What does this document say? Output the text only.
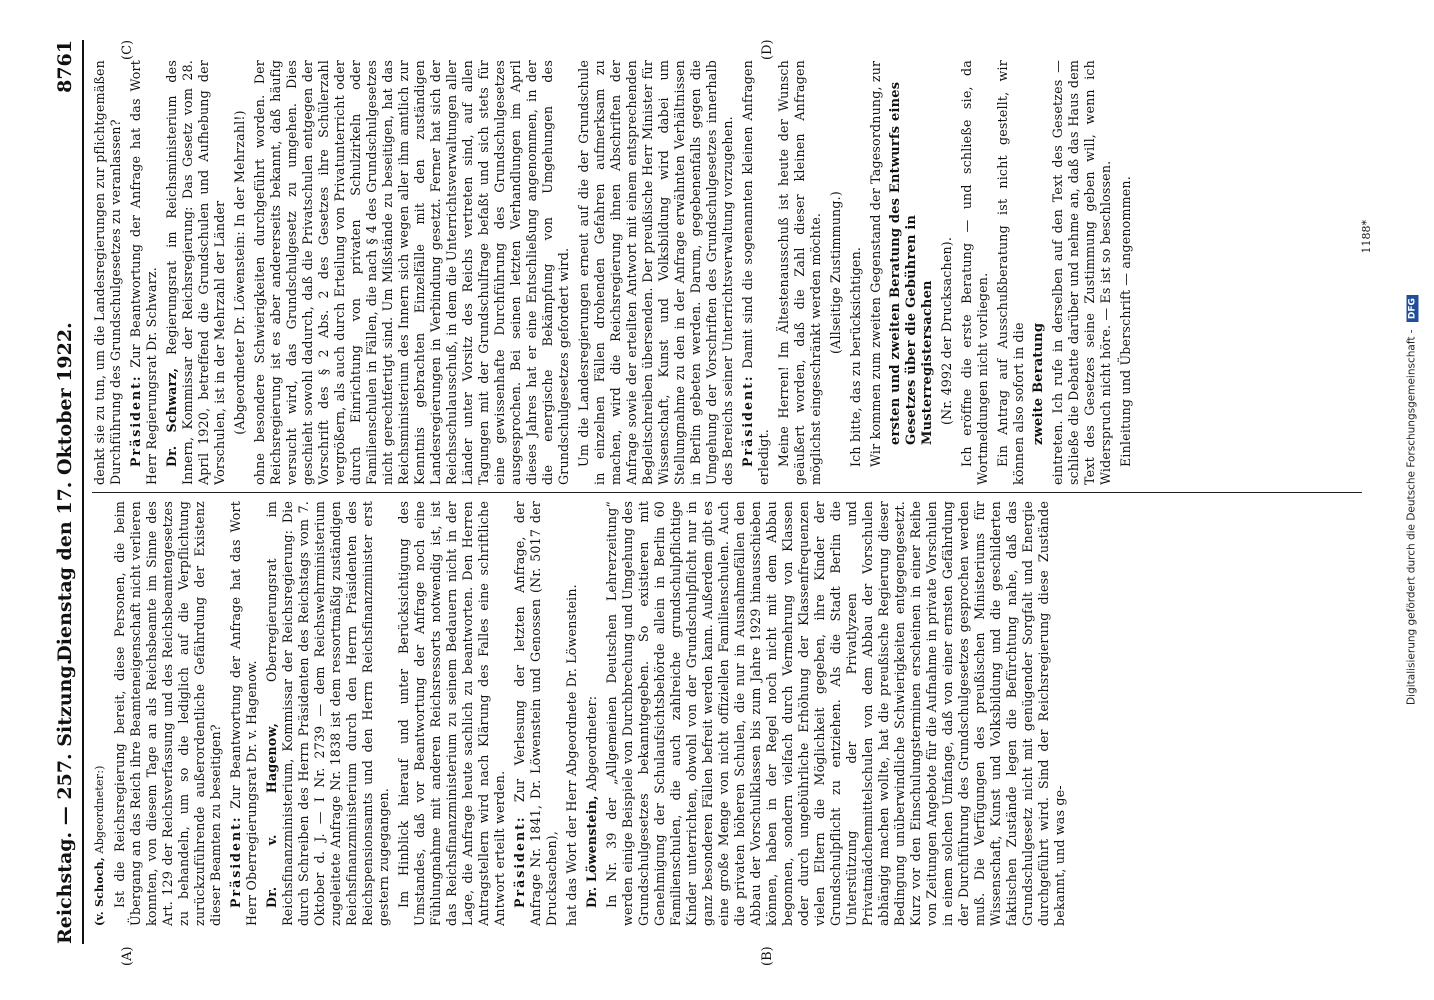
Reichstag. — 257. Sitzung.
Dienstag den 17. Oktober 1922.
8761
(A)	(B)
(C)	(D)

(v. Schoch, Abgeordneter:) Ist die Reichsregierung bereit, diese Personen, die beim Übergang an das Reich ihre Beamteneigenschaft nicht verlieren konnten, von diesem Tage an als Reichsbeamte im Sinne des Art. 129 der Reichsverfassung und des Reichsbeamtengesetzes zu behandeln, um so die lediglich auf die Verpflichtung zurückzuführende außerordentliche Gefährdung der Existenz dieser Beamten zu beseitigen? Präsident: Zur Beantwortung der Anfrage hat das Wort Herr Oberregierungsrat Dr. v. Hagenow. Dr. v. Hagenow, Oberregierungsrat im Reichsfinanzministerium, Kommissar der Reichsregierung: Die durch Schreiben des Herrn Präsidenten des Reichstags vom 7. Oktober d. J. — I Nr. 2739 — dem Reichswehrministerium zugeleitete Anfrage Nr. 1838 ist dem ressortmäßig zuständigen Reichsfinanzministerium durch den Herrn Präsidenten des Reichspensionsamts und den Herrn Reichsfinanzminister erst gestern zugegangen. Im Hinblick hierauf und unter Berücksichtigung des Umstandes, daß vor Beantwortung der Anfrage noch eine Fühlungnahme mit anderen Reichsressorts notwendig ist, ist das Reichsfinanzministerium zu seinem Bedauern nicht in der Lage, die Anfrage heute sachlich zu beantworten. Den Herren Antragstellern wird nach Klärung des Falles eine schriftliche Antwort erteilt werden. Präsident: Zur Verlesung der letzten Anfrage, der Anfrage Nr. 1841, Dr. Löwenstein und Genossen (Nr. 5017 der Drucksachen), hat das Wort der Herr Abgeordnete Dr. Löwenstein. Dr. Löwenstein, Abgeordneter: In Nr. 39 der „Allgemeinen Deutschen Lehrerzeitung“ werden einige Beispiele von Durchbrechung und Umgehung des Grundschulgesetzes bekanntgegeben. So existieren mit Genehmigung der Schulaufsichtsbehörde allein in Berlin 60 Familienschulen, die auch zahlreiche grundschulpflichtige Kinder unterrichten, obwohl von der Grundschulpflicht nur in ganz besonderen Fällen befreit werden kann. Außerdem gibt es eine große Menge von nicht offiziellen Familienschulen. Auch die privaten höheren Schulen, die nur in Ausnahmefällen den Abbau der Vorschulklassen bis zum Jahre 1929 hinausschieben können, haben in der Regel noch nicht mit dem Abbau begonnen, sondern vielfach durch Vermehrung von Klassen oder durch ungebührliche Erhöhung der Klassenfrequenzen vielen Eltern die Möglichkeit gegeben, ihre Kinder der Grundschulpflicht zu entziehen. Als die Stadt Berlin die Unterstützung der Privatlyzeen und Privatmädchenmittelschulen von dem Abbau der Vorschulen abhängig machen wollte, hat die preußische Regierung dieser Bedingung unüberwindliche Schwierigkeiten entgegengesetzt. Kurz vor den Einschulungsterminen erscheinen in einer Reihe von Zeitungen Angebote für die Aufnahme in private Vorschulen in einem solchen Umfange, daß von einer ernsten Gefährdung der Durchführung des Grundschulgesetzes gesprochen werden muß. Die Verfügungen des preußischen Ministeriums für Wissenschaft, Kunst und Volksbildung und die geschilderten faktischen Zustände legen die Befürchtung nahe, daß das Grundschulgesetz nicht mit genügender Sorgfalt und Energie durchgeführt wird. Sind der Reichsregierung diese Zustände bekannt, und was ge-

denkt sie zu tun, um die Landesregierungen zur pflichtgemäßen Durchführung des Grundschulgesetzes zu veranlassen? Präsident: Zur Beantwortung der Anfrage hat das Wort Herr Regierungsrat Dr. Schwarz. Dr. Schwarz, Regierungsrat im Reichsministerium des Innern, Kommissar der Reichsregierung: Das Gesetz vom 28. April 1920, betreffend die Grundschulen und Aufhebung der Vorschulen, ist in der Mehrzahl der Länder (Abgeordneter Dr. Löwenstein: In der Mehrzahl!) ohne besondere Schwierigkeiten durchgeführt worden. Der Reichsregierung ist es aber andererseits bekannt, daß häufig versucht wird, das Grundschulgesetz zu umgehen. Dies geschieht sowohl dadurch, daß die Privatschulen entgegen der Vorschrift des § 2 Abs. 2 des Gesetzes ihre Schülerzahl vergrößern, als auch durch Erteilung von Privatunterricht oder durch Einrichtung von privaten Schulzirkeln oder Familienschulen in Fällen, die nach § 4 des Grundschulgesetzes nicht gerechtfertigt sind. Um Mißstände zu beseitigen, hat das Reichsministerium des Innern sich wegen aller ihm amtlich zur Kenntnis gebrachten Einzelfälle mit den zuständigen Landesregierungen in Verbindung gesetzt. Ferner hat sich der Reichsschulausschuß, in dem die Unterrichtsverwaltungen aller Länder unter Vorsitz des Reichs vertreten sind, auf allen Tagungen mit der Grundschulfrage befaßt und sich stets für eine gewissenhafte Durchführung des Grundschulgesetzes ausgesprochen. Bei seinen letzten Verhandlungen im April dieses Jahres hat er eine Entschließung angenommen, in der die energische Bekämpfung von Umgehungen des Grundschulgesetzes gefordert wird. Um die Landesregierungen erneut auf die der Grundschule in einzelnen Fällen drohenden Gefahren aufmerksam zu machen, wird die Reichsregierung ihnen Abschriften der Anfrage sowie der erteilten Antwort mit einem entsprechenden Begleitschreiben übersenden. Der preußische Herr Minister für Wissenschaft, Kunst und Volksbildung wird dabei um Stellungnahme zu den in der Anfrage erwähnten Verhältnissen in Berlin gebeten werden. Darum, gegebenenfalls gegen die Umgehung der Vorschriften des Grundschulgesetzes innerhalb des Bereichs seiner Unterrichtsverwaltung vorzugehen. Präsident: Damit sind die sogenannten kleinen Anfragen erledigt. Meine Herren! Im Ältestenausschuß ist heute der Wunsch geäußert worden, daß die Zahl dieser kleinen Anfragen möglichst eingeschränkt werden möchte. (Allseitige Zustimmung.) Ich bitte, das zu berücksichtigen. Wir kommen zum zweiten Gegenstand der Tagesordnung, zur ersten und zweiten Beratung des Entwurfs eines Gesetzes über die Gebühren in Musterregistersachen (Nr. 4992 der Drucksachen). Ich eröffne die erste Beratung — und schließe sie, da Wortmeldungen nicht vorliegen. Ein Antrag auf Ausschußberatung ist nicht gestellt, wir können also sofort in die zweite Beratung eintreten. Ich rufe in derselben auf den Text des Gesetzes — schließe die Debatte darüber und nehme an, daß das Haus dem Text des Gesetzes seine Zustimmung geben will, wenn ich Widerspruch nicht höre. — Es ist so beschlossen. Einleitung und Überschrift — angenommen.	1188*
Digitalisierung gefördert durch die Deutsche Forschungsgemeinschaft - DFG
